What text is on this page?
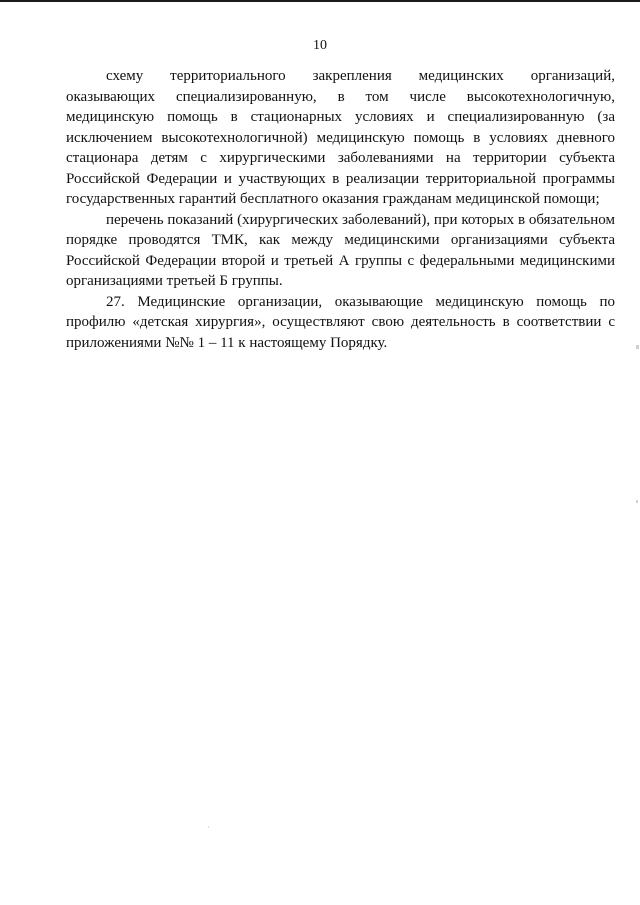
10

схему территориального закрепления медицинских организаций, оказывающих специализированную, в том числе высокотехнологичную, медицинскую помощь в стационарных условиях и специализированную (за исключением высокотехнологичной) медицинскую помощь в условиях дневного стационара детям с хирургическими заболеваниями на территории субъекта Российской Федерации и участвующих в реализации территориальной программы государственных гарантий бесплатного оказания гражданам медицинской помощи;

перечень показаний (хирургических заболеваний), при которых в обязательном порядке проводятся ТМК, как между медицинскими организациями субъекта Российской Федерации второй и третьей А группы с федеральными медицинскими организациями третьей Б группы.

27. Медицинские организации, оказывающие медицинскую помощь по профилю «детская хирургия», осуществляют свою деятельность в соответствии с приложениями №№ 1 – 11 к настоящему Порядку.
